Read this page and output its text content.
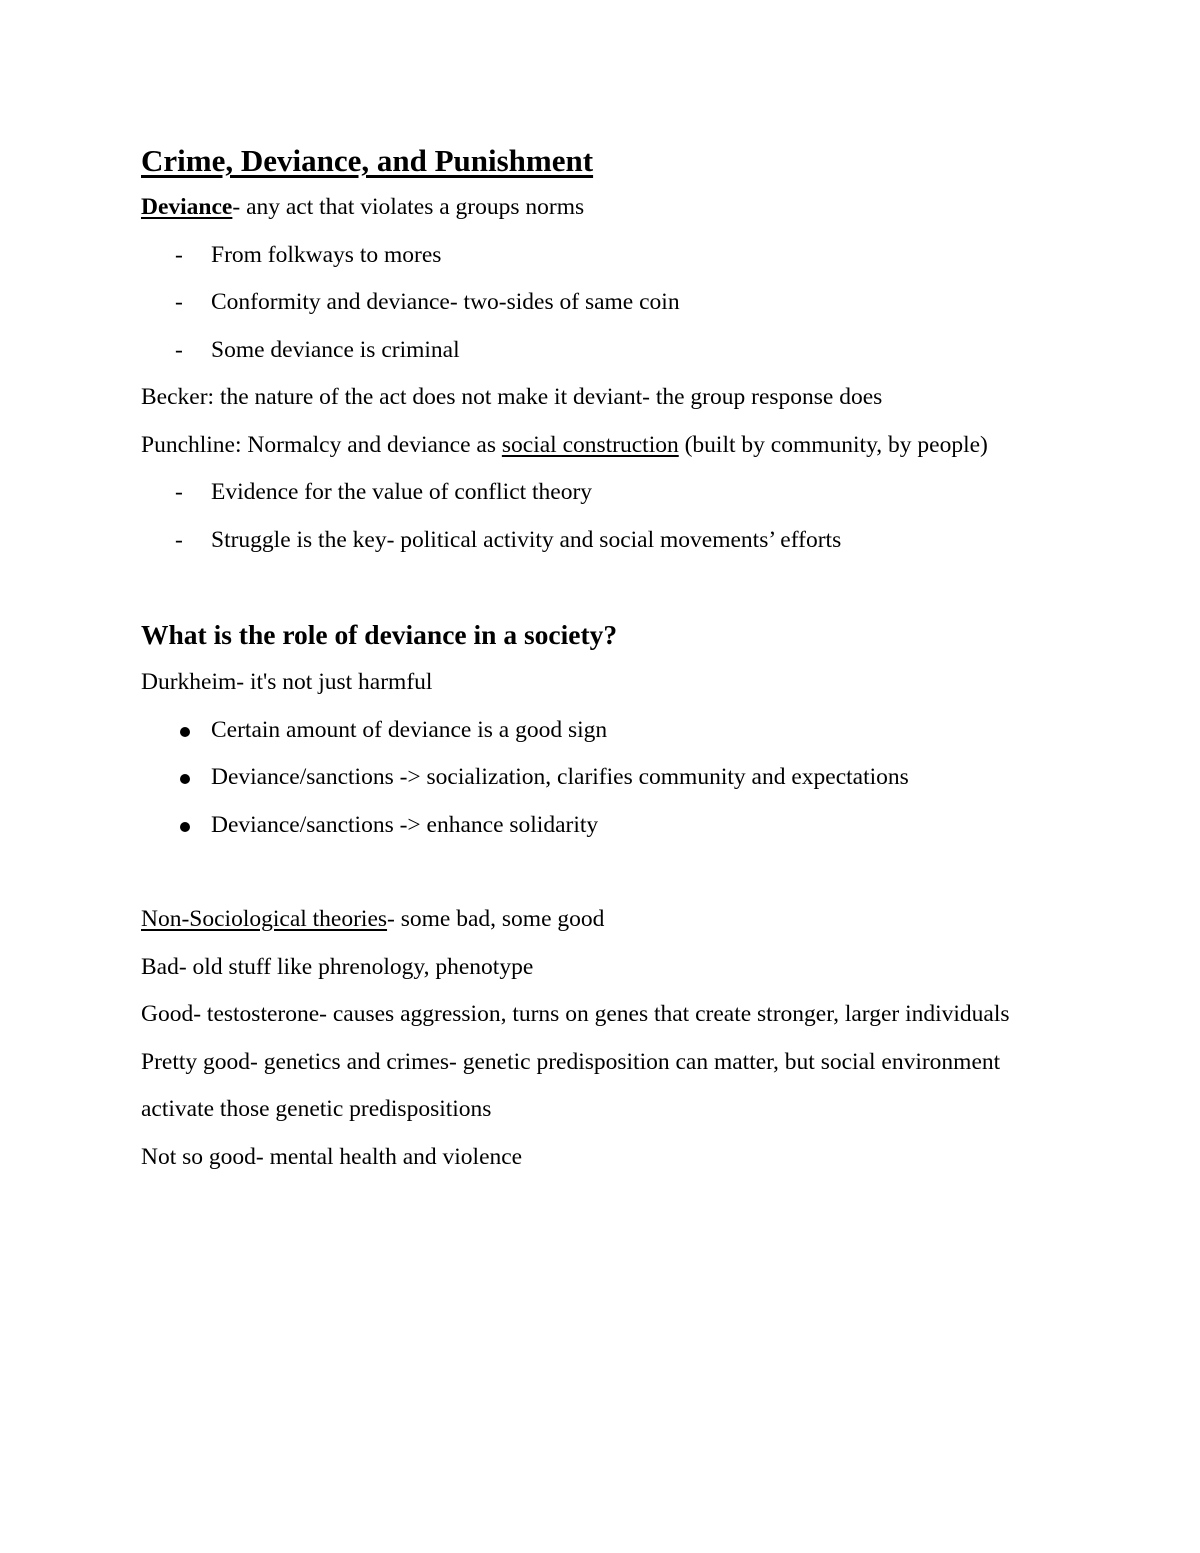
Crime, Deviance, and Punishment

Deviance- any act that violates a groups norms

- From folkways to mores

- Conformity and deviance- two-sides of same coin

- Some deviance is criminal

Becker: the nature of the act does not make it deviant- the group response does

Punchline: Normalcy and deviance as social construction (built by community, by people)

- Evidence for the value of conflict theory

- Struggle is the key- political activity and social movements’ efforts

What is the role of deviance in a society?

Durkheim- it's not just harmful

Certain amount of deviance is a good sign

Deviance/sanctions -> socialization, clarifies community and expectations

Deviance/sanctions -> enhance solidarity

Non-Sociological theories- some bad, some good

Bad- old stuff like phrenology, phenotype

Good- testosterone- causes aggression, turns on genes that create stronger, larger individuals

Pretty good- genetics and crimes- genetic predisposition can matter, but social environment activate those genetic predispositions

Not so good- mental health and violence
